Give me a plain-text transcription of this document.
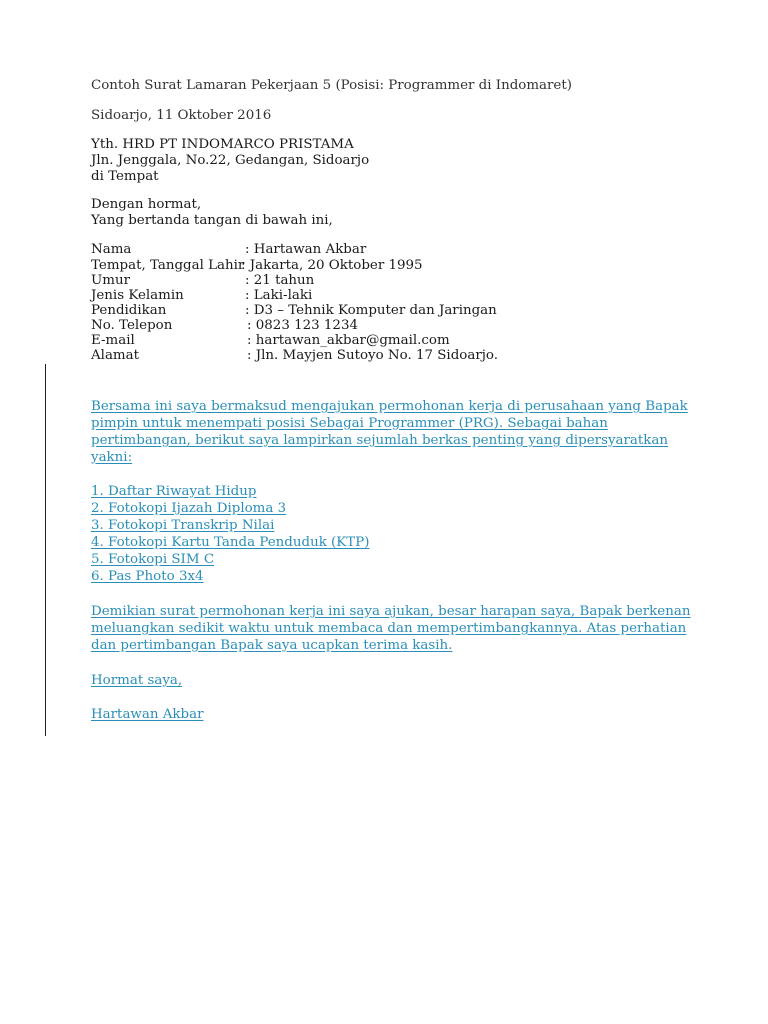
Contoh Surat Lamaran Pekerjaan 5 (Posisi: Programmer di Indomaret)
Sidoarjo, 11 Oktober 2016
Yth. HRD PT INDOMARCO PRISTAMA
Jln. Jenggala, No.22, Gedangan, Sidoarjo
di Tempat
Dengan hormat,
Yang bertanda tangan di bawah ini,
Nama	: Hartawan Akbar
Tempat, Tanggal Lahir
: Jakarta, 20 Oktober 1995
Umur	: 21 tahun
Jenis Kelamin	: Laki-laki
Pendidikan	: D3 – Tehnik Komputer dan Jaringan
No. Telepon	: 0823 123 1234
E-mail	: hartawan_akbar@gmail.com
Alamat	: Jln. Mayjen Sutoyo No. 17 Sidoarjo.
Bersama ini saya bermaksud mengajukan permohonan kerja di perusahaan yang Bapak
pimpin untuk menempati posisi Sebagai Programmer (PRG). Sebagai bahan
pertimbangan, berikut saya lampirkan sejumlah berkas penting yang dipersyaratkan
yakni:
1. Daftar Riwayat Hidup
2. Fotokopi Ijazah Diploma 3
3. Fotokopi Transkrip Nilai
4. Fotokopi Kartu Tanda Penduduk (KTP)
5. Fotokopi SIM C
6. Pas Photo 3x4
Demikian surat permohonan kerja ini saya ajukan, besar harapan saya, Bapak berkenan
meluangkan sedikit waktu untuk membaca dan mempertimbangkannya. Atas perhatian
dan pertimbangan Bapak saya ucapkan terima kasih.
Hormat saya,
Hartawan Akbar
